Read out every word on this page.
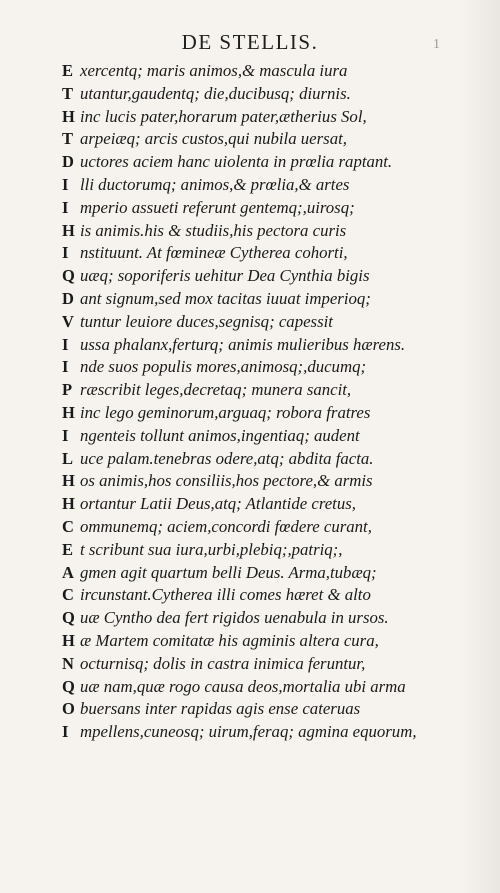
DE STELLIS.	1
E xercentq; maris animos,& mascula iura
T utantur,gaudentq; die,ducibusq; diurnis.
H inc lucis pater,horarum pater,ætherius Sol,
T arpeiæq; arcis custos,qui nubila uersat,
D uctores aciem hanc uiolenta in prœlia raptant.
I lli ductorumq; animos,& prœlia,& artes
I mperio assueti referunt gentemq;,uirosq;
H is animis.his & studiis,his pectora curis
I nstituunt. At fœmineæ Cytherea cohorti,
Q uæq; soporiferis uehitur Dea Cynthia bigis
D ant signum,sed mox tacitas iuuat imperioq;
V tuntur leuiore duces,segnisq; capessit
I ussa phalanx,ferturq; animis mulieribus hærens.
I nde suos populis mores,animosq;,ducumq;
P ræscribit leges,decretaq; munera sancit,
H inc lego geminorum,arguaq; robora fratres
I ngenteis tollunt animos,ingentiaq; audent
L uce palam.tenebras odere,atq; abdita facta.
H os animis,hos consiliis,hos pectore,& armis
H ortantur Latii Deus,atq; Atlantide cretus,
C ommunemq; aciem,concordi fœdere curant,
E t scribunt sua iura,urbi,plebiq;,patriq;,
A gmen agit quartum belli Deus. Arma,tubæq;
C ircunstant.Cytherea illi comes hæret & alto
Q uæ Cyntho dea fert rigidos uenabula in ursos.
H æ Martem comitatæ his agminis altera cura,
N octurnisq; dolis in castra inimica feruntur,
Q uæ nam,quæ rogo causa deos,mortalia ubi arma
O buersans inter rapidas agis ense cateruas
I mpellens,cuneosq; uirum,feraq; agmina equorum,
